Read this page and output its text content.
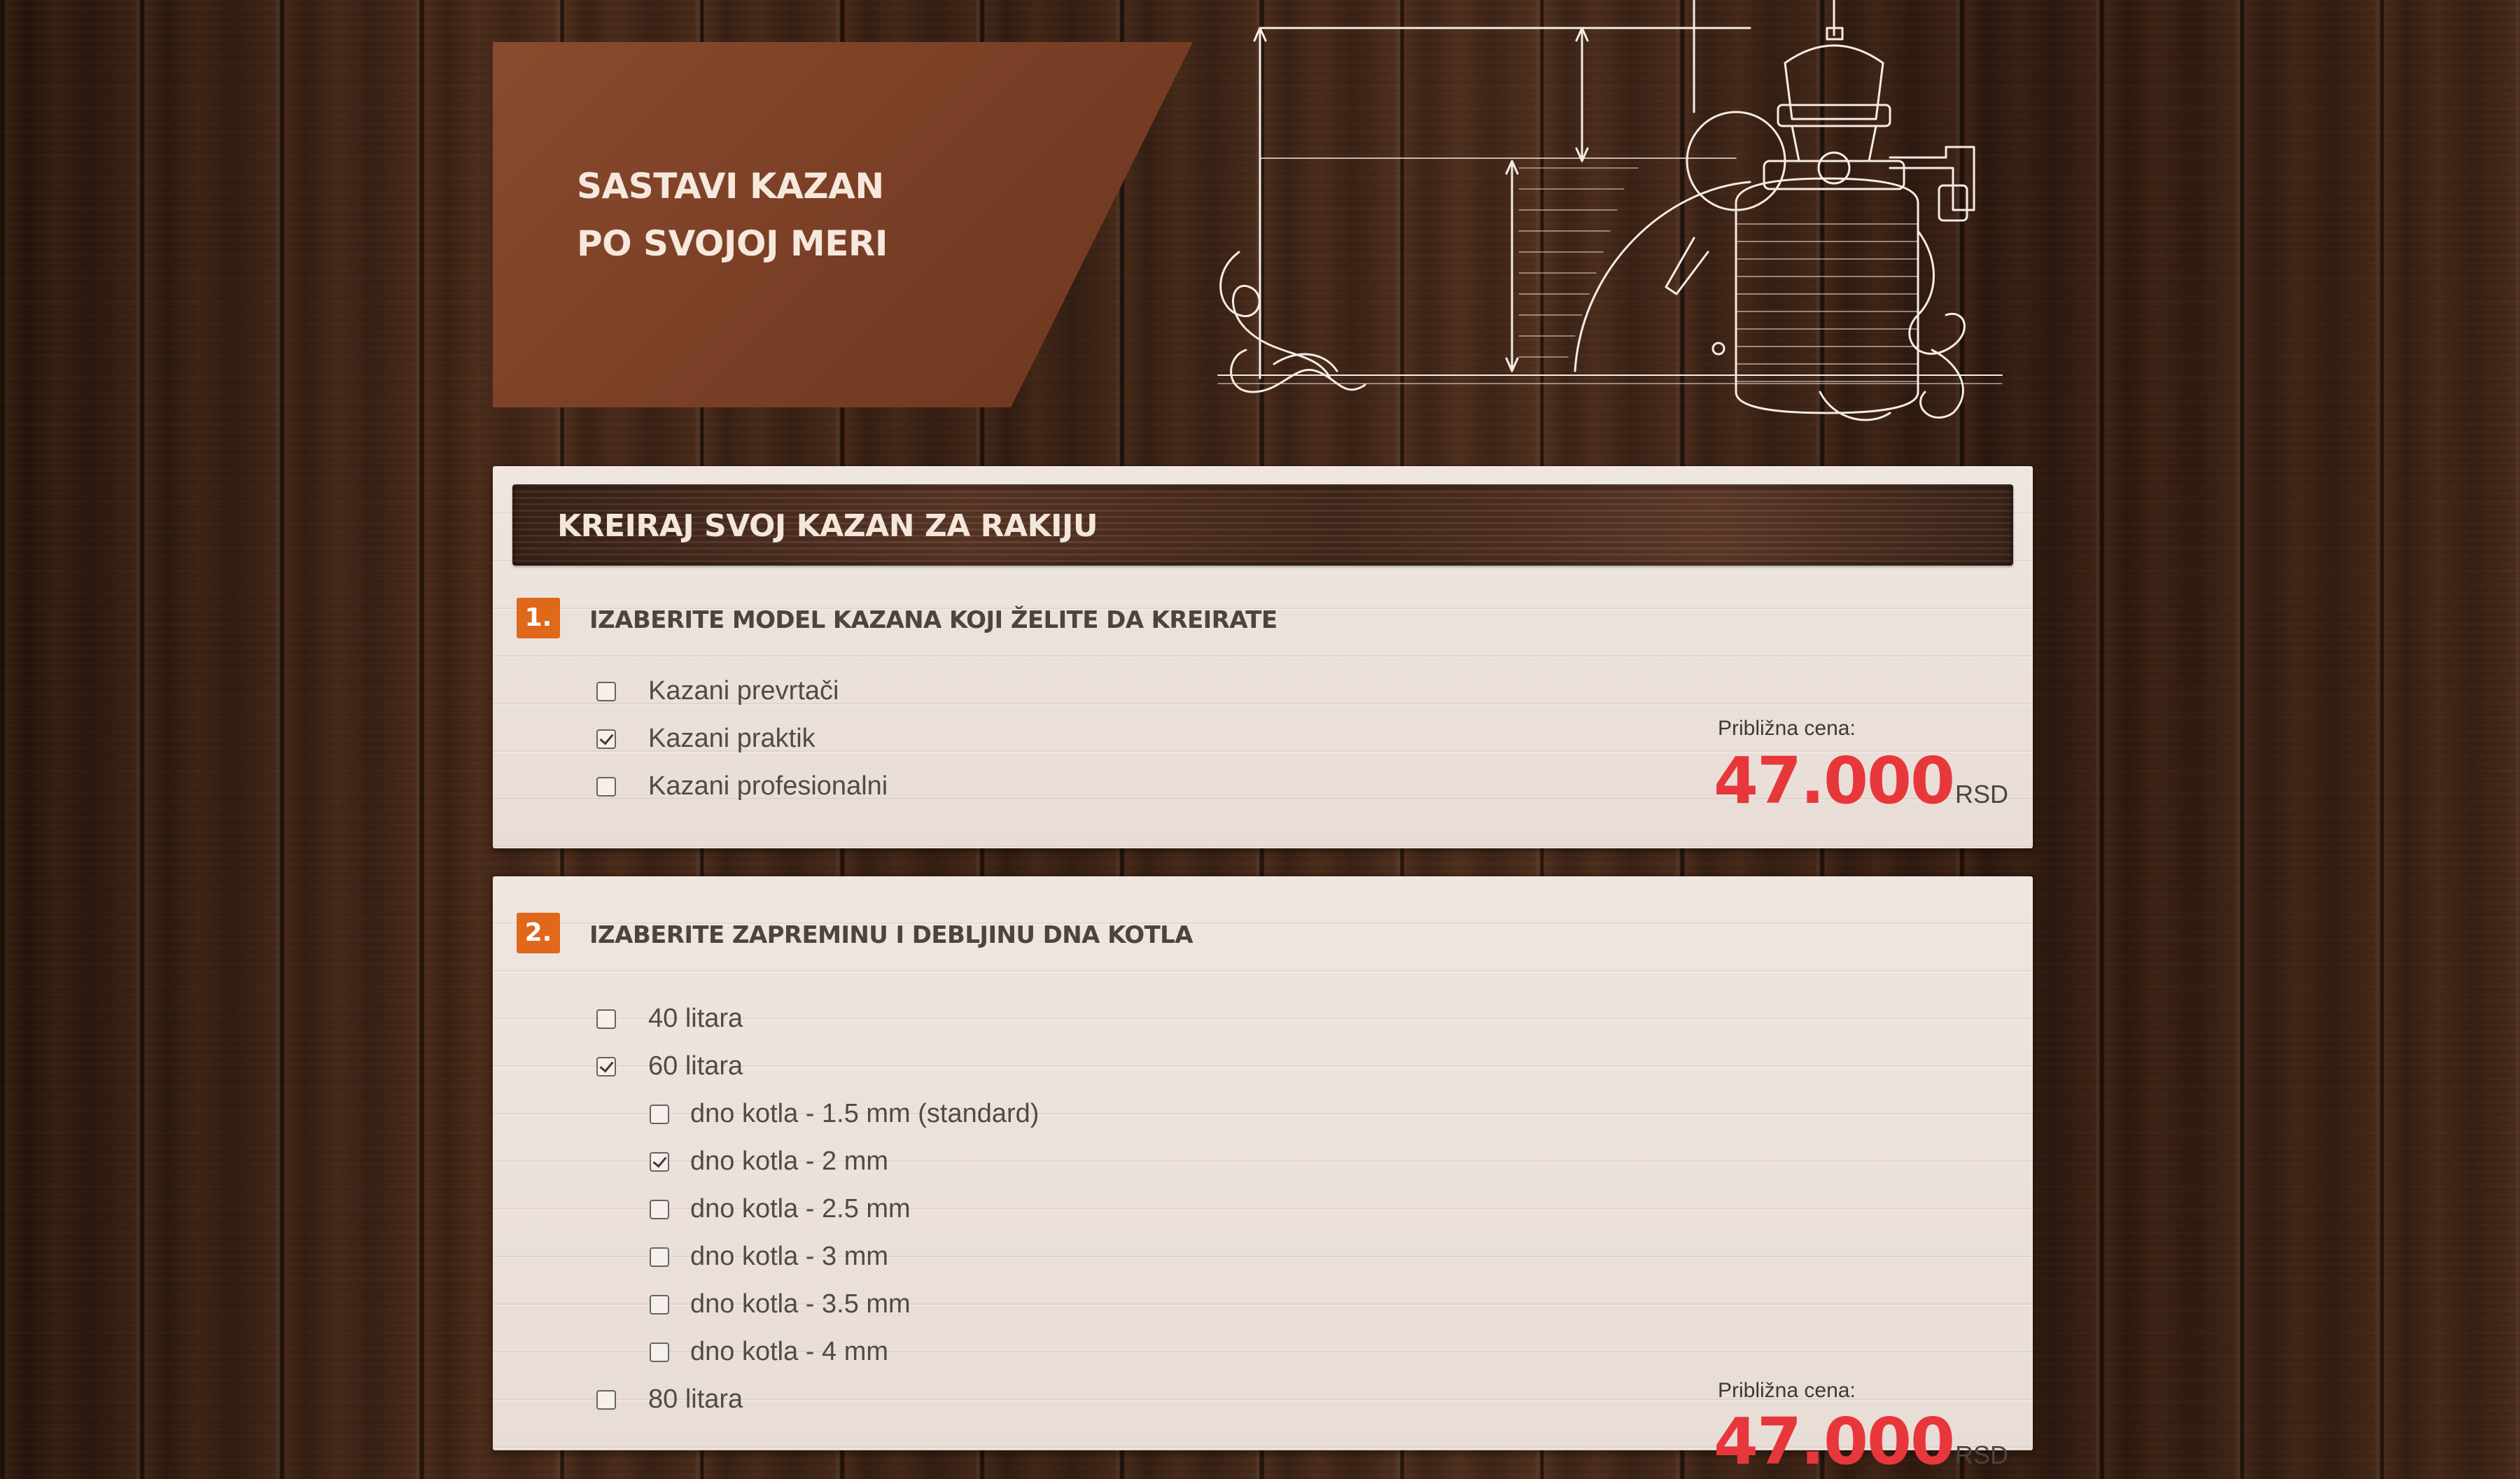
SASTAVI KAZAN
PO SVOJOJ MERI
KREIRAJ SVOJ KAZAN ZA RAKIJU
1.	IZABERITE MODEL KAZANA KOJI ŽELITE DA KREIRATE
Kazani prevrtači
Kazani praktik
Kazani profesionalni
Približna cena:
47.000RSD
2.	IZABERITE ZAPREMINU I DEBLJINU DNA KOTLA
40 litara
60 litara
dno kotla - 1.5 mm (standard)
dno kotla - 2 mm
dno kotla - 2.5 mm
dno kotla - 3 mm
dno kotla - 3.5 mm
dno kotla - 4 mm
80 litara	Približna cena:
47.000RSD
